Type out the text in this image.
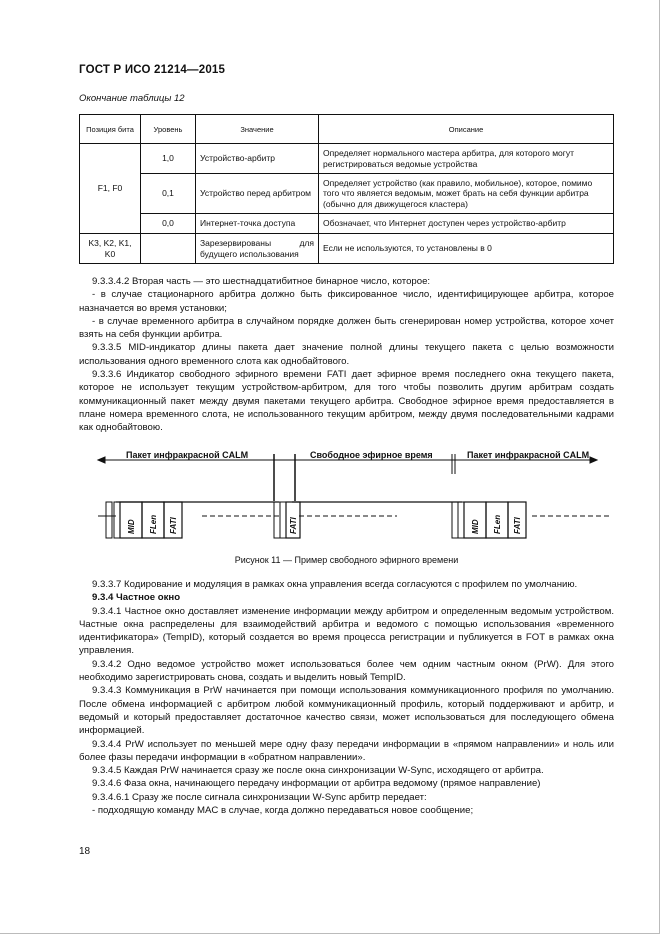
ГОСТ Р ИСО 21214—2015
Окончание таблицы 12
Позиция бита	Уровень	Значение	Описание
F1, F0	1,0	Устройство-арбитр	Определяет нормального мастера арбитра, для которого могут регистрироваться ведомые устройства
	0,1	Устройство перед арбитром	Определяет устройство (как правило, мобильное), которое, помимо того что является ведомым, может брать на себя функции арбитра (обычно для движущегося кластера)
	0,0	Интернет-точка доступа	Обозначает, что Интернет доступен через устройство-арбитр
K3, K2, K1, K0		Зарезервированы для будущего использования	Если не используются, то установлены в 0

9.3.3.4.2 Вторая часть — это шестнадцатибитное бинарное число, которое:

- в случае стационарного арбитра должно быть фиксированное число, идентифицирующее арбитра, которое назначается во время установки;

- в случае временного арбитра в случайном порядке должен быть сгенерирован номер устройства, которое хочет взять на себя функции арбитра.

9.3.3.5 MID-индикатор длины пакета дает значение полной длины текущего пакета с целью возможности использования одного временного слота как однобайтового.

9.3.3.6 Индикатор свободного эфирного времени FATI дает эфирное время последнего окна текущего пакета, которое не использует текущим устройством-арбитром, для того чтобы позволить другим арбитрам создать коммуникационный пакет между двумя пакетами текущего арбитра. Свободное эфирное время предоставляется в плане номера временного слота, не использованного текущим арбитром, между двумя последовательными кадрами как однобайтовою.

Пакет инфракрасной CALM	Свободное эфирное время	Пакет инфракрасной CALM
MID FLen FATI	FATI	MID FLen FATI
Рисунок 11 — Пример свободного эфирного времени

9.3.3.7 Кодирование и модуляция в рамках окна управления всегда согласуются с профилем по умолчанию.

9.3.4 Частное окно

9.3.4.1 Частное окно доставляет изменение информации между арбитром и определенным ведомым устройством. Частные окна распределены для взаимодействий арбитра и ведомого с помощью использования «временного идентификатора» (TempID), который создается во время процесса регистрации и публикуется в FOT в рамках окна управления.

9.3.4.2 Одно ведомое устройство может использоваться более чем одним частным окном (PrW). Для этого необходимо зарегистрировать снова, создать и выделить новый TempID.

9.3.4.3 Коммуникация в PrW начинается при помощи использования коммуникационного профиля по умолчанию. После обмена информацией с арбитром любой коммуникационный профиль, который поддерживают и арбитр, и ведомый и который предоставляет достаточное качество связи, может использоваться для последующего обмена информацией.

9.3.4.4 PrW использует по меньшей мере одну фазу передачи информации в «прямом направлении» и ноль или более фазы передачи информации в «обратном направлении».

9.3.4.5 Каждая PrW начинается сразу же после окна синхронизации W-Sync, исходящего от арбитра.

9.3.4.6 Фаза окна, начинающего передачу информации от арбитра ведомому (прямое направление)

9.3.4.6.1 Сразу же после сигнала синхронизации W-Sync арбитр передает:

- подходящую команду MAC в случае, когда должно передаваться новое сообщение;

18
